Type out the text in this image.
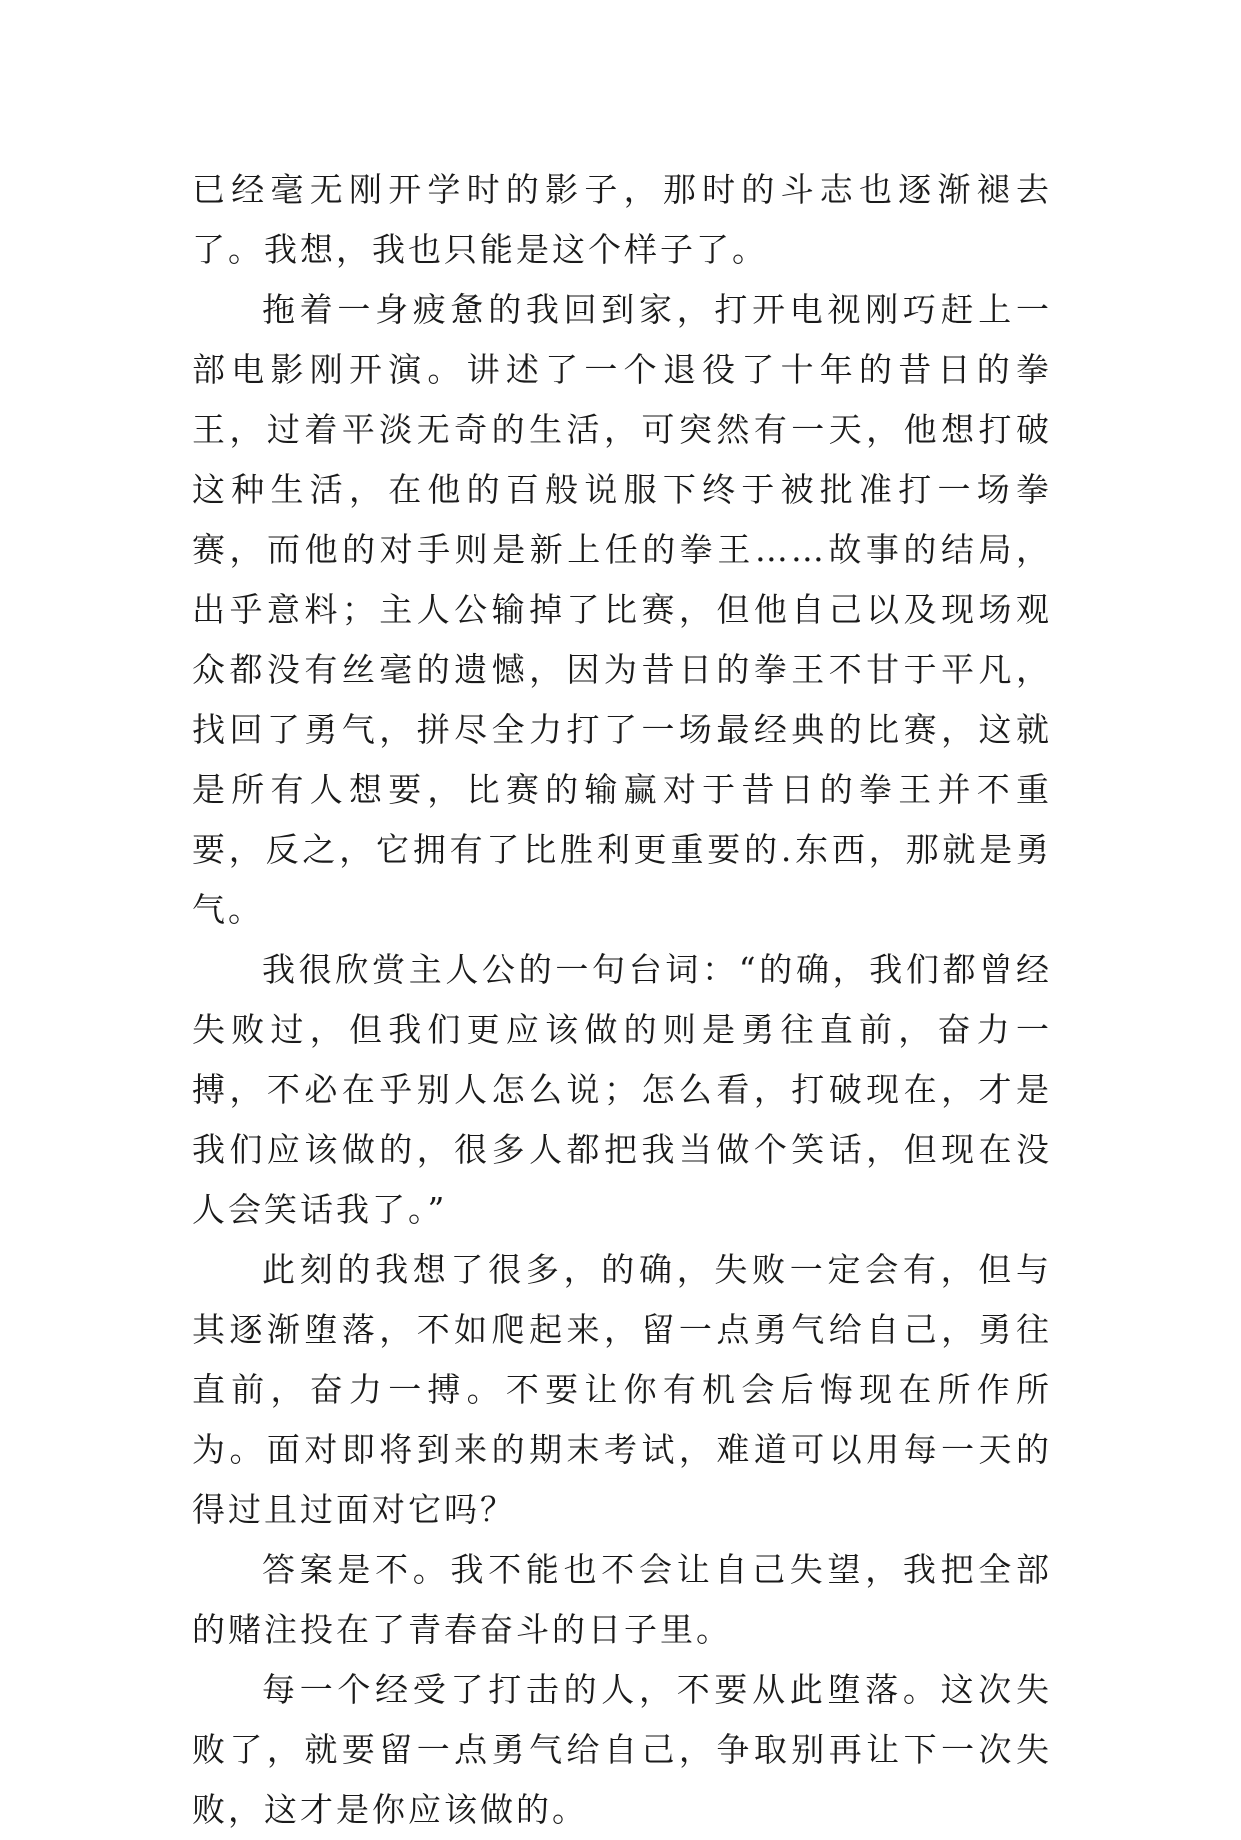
已经毫无刚开学时的影子，那时的斗志也逐渐褪去了。我想，我也只能是这个样子了。

拖着一身疲惫的我回到家，打开电视刚巧赶上一部电影刚开演。讲述了一个退役了十年的昔日的拳王，过着平淡无奇的生活，可突然有一天，他想打破这种生活，在他的百般说服下终于被批准打一场拳赛，而他的对手则是新上任的拳王……故事的结局，出乎意料；主人公输掉了比赛，但他自己以及现场观众都没有丝毫的遗憾，因为昔日的拳王不甘于平凡，找回了勇气，拼尽全力打了一场最经典的比赛，这就是所有人想要，比赛的输赢对于昔日的拳王并不重要，反之，它拥有了比胜利更重要的.东西，那就是勇气。

我很欣赏主人公的一句台词：“的确，我们都曾经失败过，但我们更应该做的则是勇往直前，奋力一搏，不必在乎别人怎么说；怎么看，打破现在，才是我们应该做的，很多人都把我当做个笑话，但现在没人会笑话我了。”

此刻的我想了很多，的确，失败一定会有，但与其逐渐堕落，不如爬起来，留一点勇气给自己，勇往直前，奋力一搏。不要让你有机会后悔现在所作所为。面对即将到来的期末考试，难道可以用每一天的得过且过面对它吗？

答案是不。我不能也不会让自己失望，我把全部的赌注投在了青春奋斗的日子里。

每一个经受了打击的人，不要从此堕落。这次失败了，就要留一点勇气给自己，争取别再让下一次失败，这才是你应该做的。
